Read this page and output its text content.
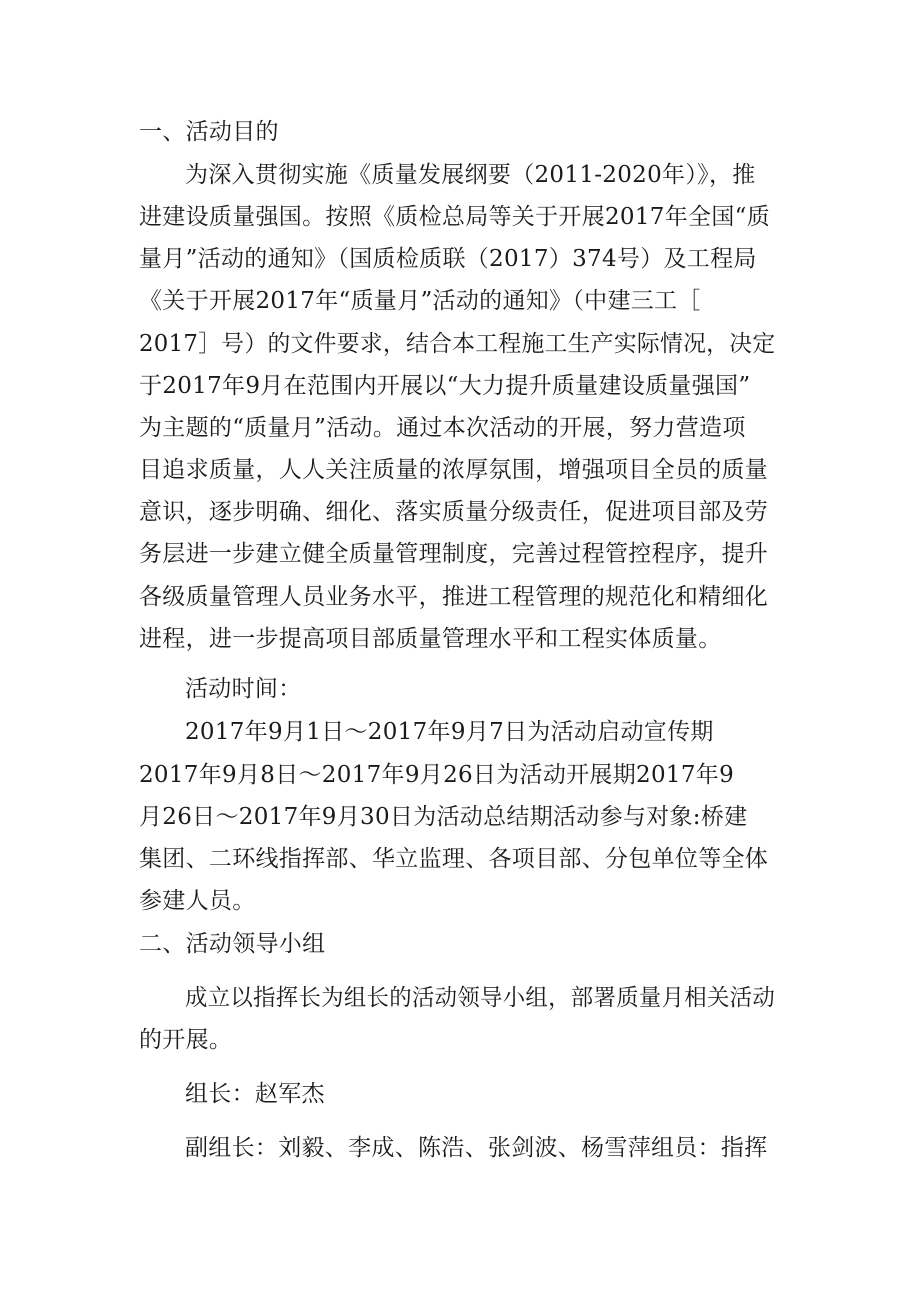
一、活动目的

为深入贯彻实施《质量发展纲要（2011-2020年）》，推

进建设质量强国。按照《质检总局等关于开展2017年全国“质

量月”活动的通知》（国质检质联（2017）374号）及工程局

《关于开展2017年“质量月”活动的通知》（中建三工［

2017］号）的文件要求，结合本工程施工生产实际情况，决定

于2017年9月在范围内开展以“大力提升质量建设质量强国”

为主题的“质量月”活动。通过本次活动的开展，努力营造项

目追求质量，人人关注质量的浓厚氛围，增强项目全员的质量

意识，逐步明确、细化、落实质量分级责任，促进项目部及劳

务层进一步建立健全质量管理制度，完善过程管控程序，提升

各级质量管理人员业务水平，推进工程管理的规范化和精细化

进程，进一步提高项目部质量管理水平和工程实体质量。

活动时间：

2017年9月1日～2017年9月7日为活动启动宣传期

2017年9月8日～2017年9月26日为活动开展期2017年9

月26日～2017年9月30日为活动总结期活动参与对象:桥建

集团、二环线指挥部、华立监理、各项目部、分包单位等全体

参建人员。

二、活动领导小组

成立以指挥长为组长的活动领导小组，部署质量月相关活动

的开展。

组长：赵军杰

副组长：刘毅、李成、陈浩、张剑波、杨雪萍组员：指挥
